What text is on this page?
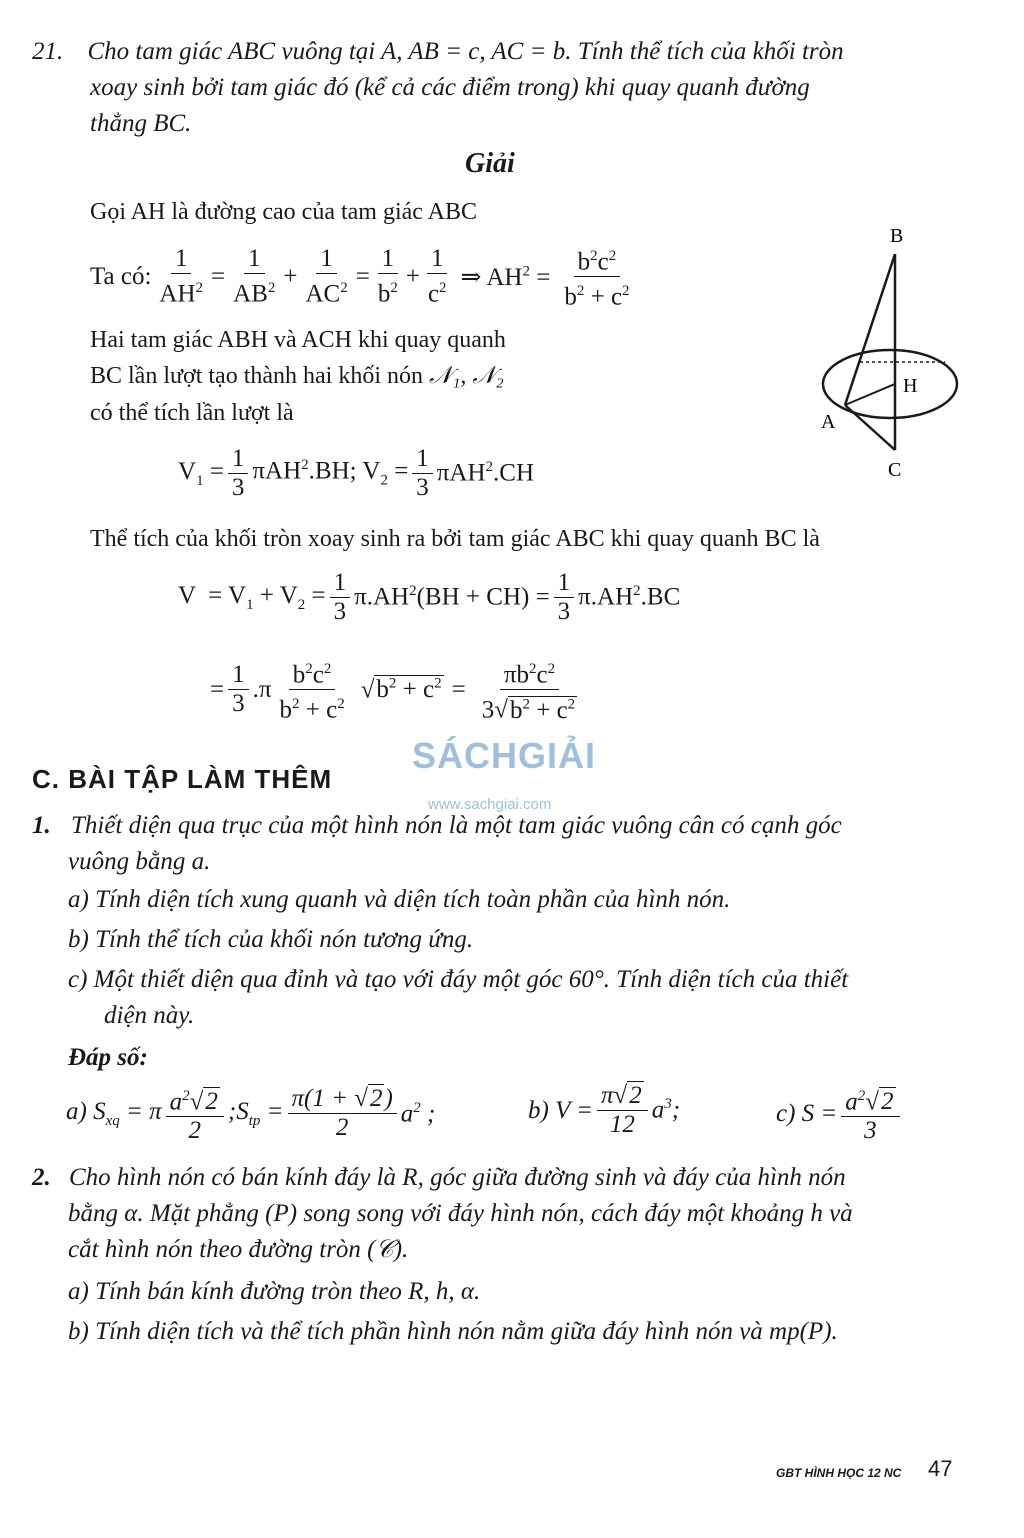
21. Cho tam giác ABC vuông tại A, AB = c, AC = b. Tính thể tích của khối tròn
xoay sinh bởi tam giác đó (kể cả các điểm trong) khi quay quanh đường
thẳng BC.
Giải
Gọi AH là đường cao của tam giác ABC
Ta có: $\frac{1}{AH^2} = \frac{1}{AB^2} + \frac{1}{AC^2} = \frac{1}{b^2} + \frac{1}{c^2}$ ⇒ $AH^2 = \frac{b^2c^2}{b^2 + c^2}$
Hai tam giác ABH và ACH khi quay quanh
BC lần lượt tạo thành hai khối nón 𝒩₁, 𝒩₂
có thể tích lần lượt là
$V_1 = \frac{1}{3} \pi AH^2.BH$; $V_2 = \frac{1}{3} \pi AH^2.CH$
B
H
A
C
Thể tích của khối tròn xoay sinh ra bởi tam giác ABC khi quay quanh BC là
$V = V_1 + V_2 = \frac{1}{3} \pi.AH^2(BH + CH) = \frac{1}{3} \pi.AH^2.BC$
= $\frac{1}{3} .\pi \frac{b^2c^2}{b^2 + c^2} √b^2 + c^2 = \frac{\pi b^2c^2}{3√b^2 + c^2}$
C. BÀI TẬP LÀM THÊM
SÁCHGIẢI
www.sachgiai.com
1. Thiết diện qua trục của một hình nón là một tam giác vuông cân có cạnh góc
vuông bằng a.
a) Tính diện tích xung quanh và diện tích toàn phần của hình nón.
b) Tính thể tích của khối nón tương ứng.
c) Một thiết diện qua đỉnh và tạo với đáy một góc 60°. Tính diện tích của thiết
diện này.
Đáp số:
a) $S_{xq} = \pi \frac{a^2√2}{2}$ $;S_{tp} = \frac{\pi(1 + √2)}{2} a^2$ ;	b) $V = \frac{\pi√2}{12} a^3$;	c) $S = \frac{a^2√2}{3}$
2. Cho hình nón có bán kính đáy là R, góc giữa đường sinh và đáy của hình nón
bằng α. Mặt phẳng (P) song song với đáy hình nón, cách đáy một khoảng h và
cắt hình nón theo đường tròn (𝒞).
a) Tính bán kính đường tròn theo R, h, α.
b) Tính diện tích và thể tích phần hình nón nằm giữa đáy hình nón và mp(P).
GBT HÌNH HỌC 12 NC 47
